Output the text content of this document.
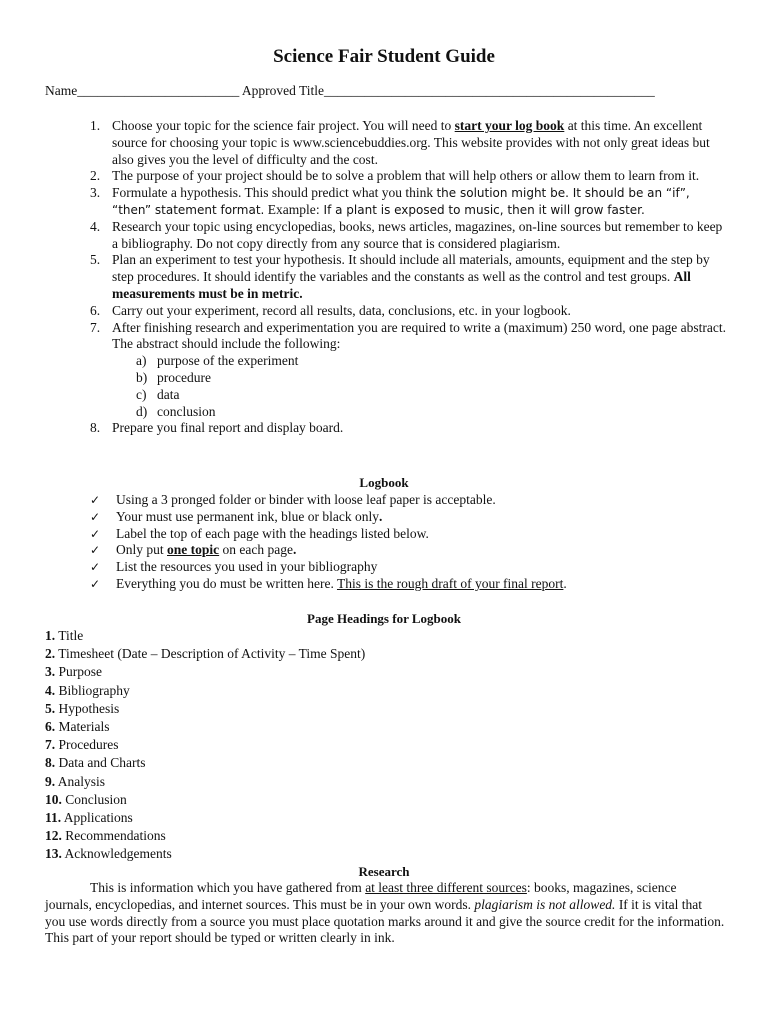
Science Fair Student Guide
Name________________________ Approved Title_________________________________________________
1. Choose your topic for the science fair project. You will need to start your log book at this time. An excellent source for choosing your topic is www.sciencebuddies.org. This website provides with not only great ideas but also gives you the level of difficulty and the cost.
2. The purpose of your project should be to solve a problem that will help others or allow them to learn from it.
3. Formulate a hypothesis. This should predict what you think the solution might be. It should be an “if”, “then” statement format. Example: If a plant is exposed to music, then it will grow faster.
4. Research your topic using encyclopedias, books, news articles, magazines, on-line sources but remember to keep a bibliography. Do not copy directly from any source that is considered plagiarism.
5. Plan an experiment to test your hypothesis. It should include all materials, amounts, equipment and the step by step procedures. It should identify the variables and the constants as well as the control and test groups. All measurements must be in metric.
6. Carry out your experiment, record all results, data, conclusions, etc. in your logbook.
7. After finishing research and experimentation you are required to write a (maximum) 250 word, one page abstract. The abstract should include the following:
a) purpose of the experiment
b) procedure
c) data
d) conclusion
8. Prepare you final report and display board.
Logbook
✓ Using a 3 pronged folder or binder with loose leaf paper is acceptable.
✓ Your must use permanent ink, blue or black only.
✓ Label the top of each page with the headings listed below.
✓ Only put one topic on each page.
✓ List the resources you used in your bibliography
✓ Everything you do must be written here. This is the rough draft of your final report.
Page Headings for Logbook
1. Title
2. Timesheet (Date – Description of Activity – Time Spent)
3. Purpose
4. Bibliography
5. Hypothesis
6. Materials
7. Procedures
8. Data and Charts
9. Analysis
10. Conclusion
11. Applications
12. Recommendations
13. Acknowledgements
Research

This is information which you have gathered from at least three different sources: books, magazines, science journals, encyclopedias, and internet sources. This must be in your own words. plagiarism is not allowed. If it is vital that you use words directly from a source you must place quotation marks around it and give the source credit for the information. This part of your report should be typed or written clearly in ink.
